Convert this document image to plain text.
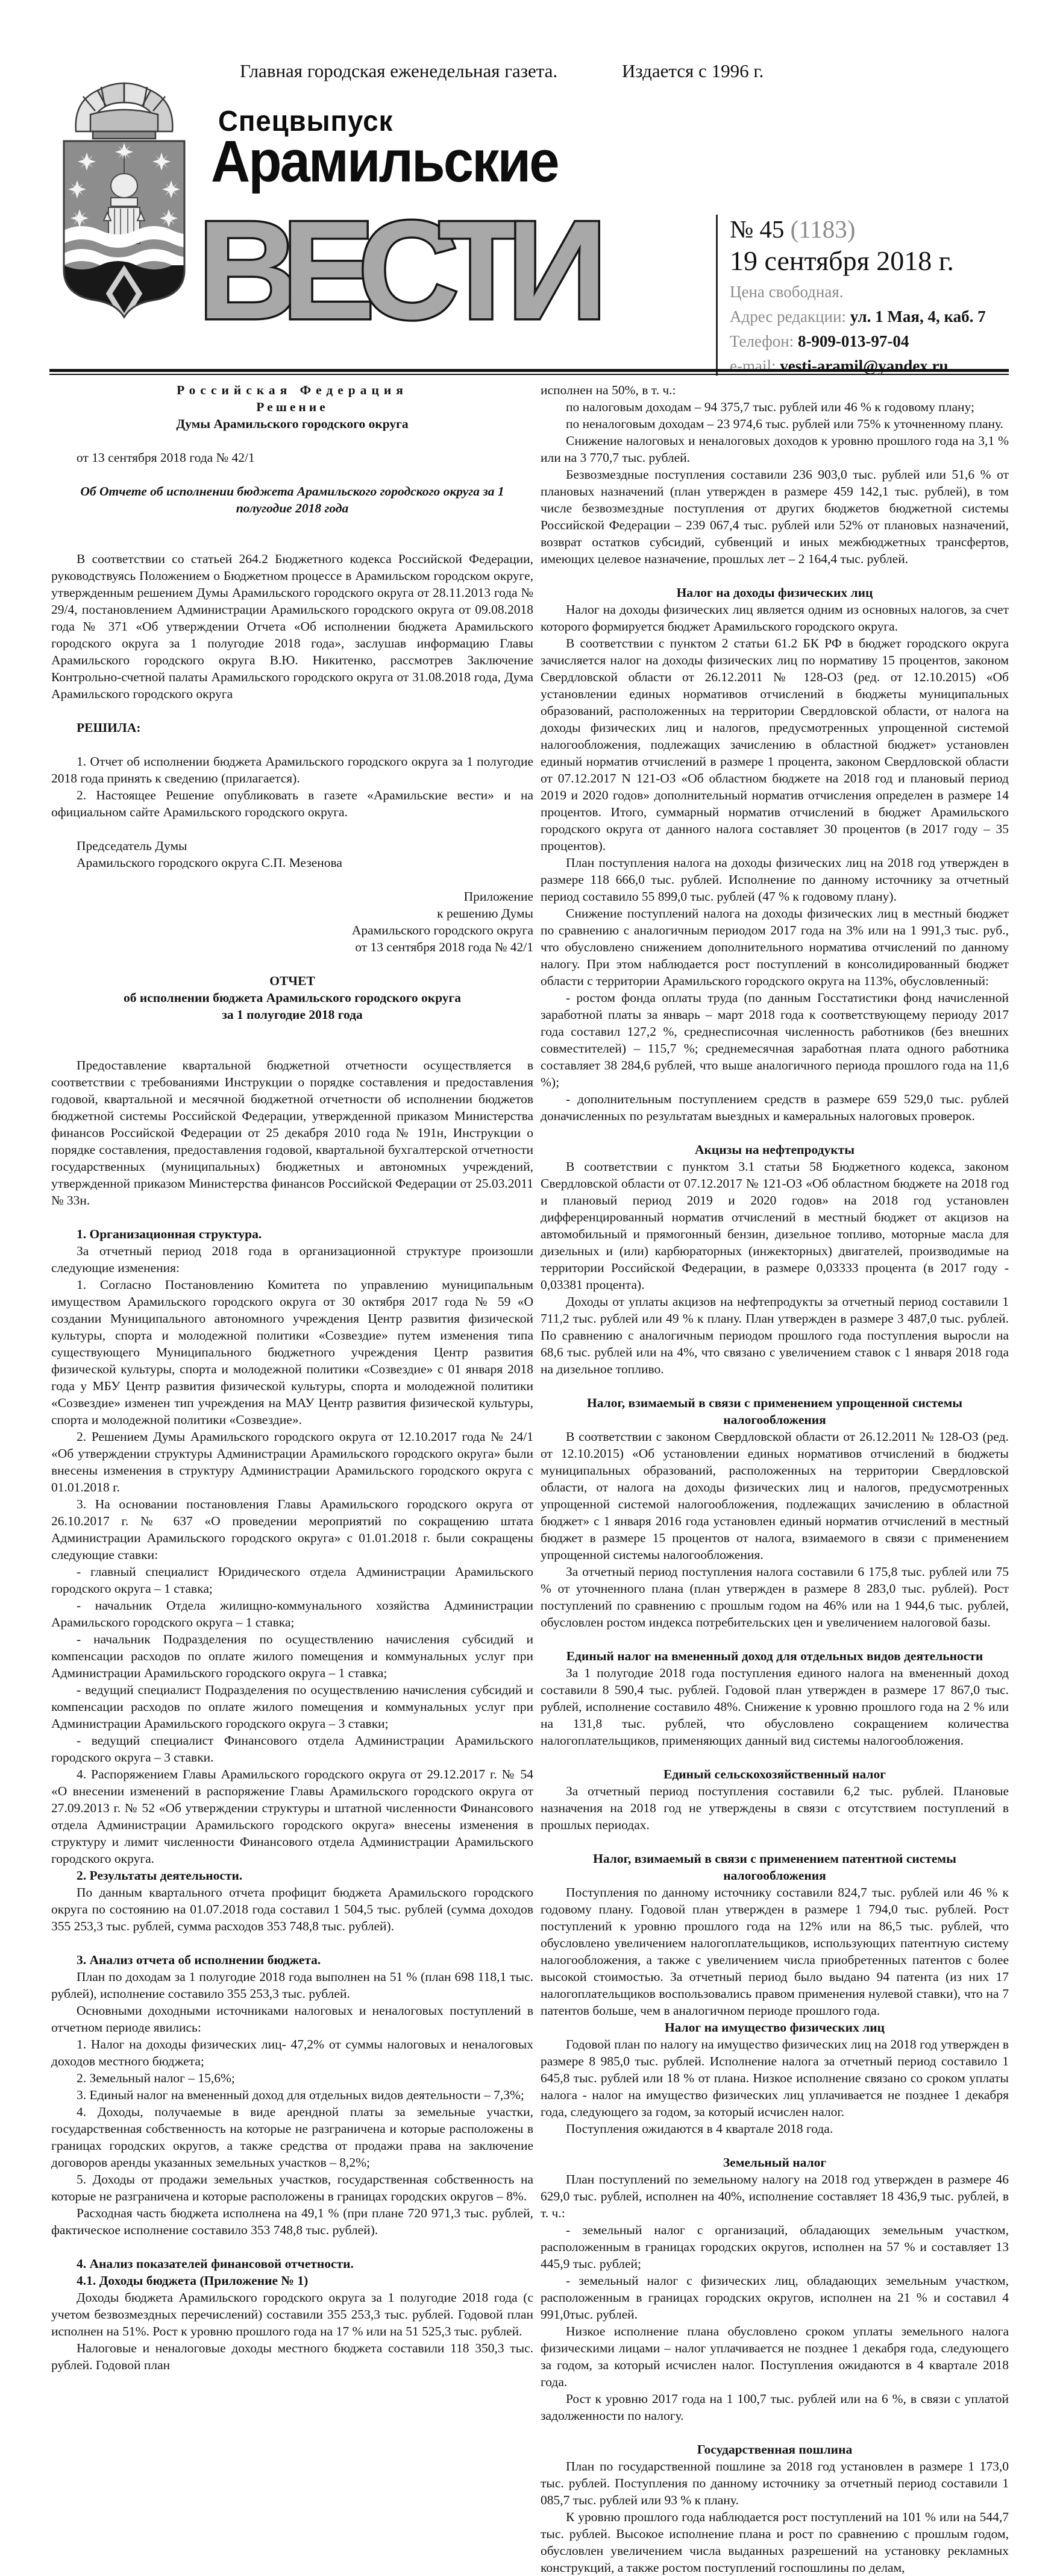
Главная городская еженедельная газета.	Издается с 1996 г.
Спецвыпуск
Арамильские
ВЕСТИ	№ 45 (1183)
19 сентября 2018 г.
Цена свободная.
Адрес редакции: ул. 1 Мая, 4, каб. 7
Телефон: 8-909-013-97-04
e-mail: vesti-aramil@yandex.ru

Российская Федерация

Решение

Думы Арамильского городского округа

от 13 сентября 2018 года № 42/1

Об Отчете об исполнении бюджета Арамильского городского округа за 1 полугодие 2018 года

В соответствии со статьей 264.2 Бюджетного кодекса Российской Федерации, руководствуясь Положением о Бюджетном процессе в Арамильском городском округе, утвержденным решением Думы Арамильского городского округа от 28.11.2013 года № 29/4, постановлением Администрации Арамильского городского округа от 09.08.2018 года № 371 «Об утверждении Отчета «Об исполнении бюджета Арамильского городского округа за 1 полугодие 2018 года», заслушав информацию Главы Арамильского городского округа В.Ю. Никитенко, рассмотрев Заключение Контрольно-счетной палаты Арамильского городского округа от 31.08.2018 года, Дума Арамильского городского округа

РЕШИЛА:

1. Отчет об исполнении бюджета Арамильского городского округа за 1 полугодие 2018 года принять к сведению (прилагается).

2. Настоящее Решение опубликовать в газете «Арамильские вести» и на официальном сайте Арамильского городского округа.

Председатель Думы

Арамильского городского округа С.П. Мезенова

Приложение

к решению Думы

Арамильского городского округа

от 13 сентября 2018 года № 42/1

ОТЧЕТ

об исполнении бюджета Арамильского городского округа

за 1 полугодие 2018 года

Предоставление квартальной бюджетной отчетности осуществляется в соответствии с требованиями Инструкции о порядке составления и предоставления годовой, квартальной и месячной бюджетной отчетности об исполнении бюджетов бюджетной системы Российской Федерации, утвержденной приказом Министерства финансов Российской Федерации от 25 декабря 2010 года № 191н, Инструкции о порядке составления, предоставления годовой, квартальной бухгалтерской отчетности государственных (муниципальных) бюджетных и автономных учреждений, утвержденной приказом Министерства финансов Российской Федерации от 25.03.2011 № 33н.

1. Организационная структура.

За отчетный период 2018 года в организационной структуре произошли следующие изменения:

1. Согласно Постановлению Комитета по управлению муниципальным имуществом Арамильского городского округа от 30 октября 2017 года № 59 «О создании Муниципального автономного учреждения Центр развития физической культуры, спорта и молодежной политики «Созвездие» путем изменения типа существующего Муниципального бюджетного учреждения Центр развития физической культуры, спорта и молодежной политики «Созвездие» с 01 января 2018 года у МБУ Центр развития физической культуры, спорта и молодежной политики «Созвездие» изменен тип учреждения на МАУ Центр развития физической культуры, спорта и молодежной политики «Созвездие».

2. Решением Думы Арамильского городского округа от 12.10.2017 года № 24/1 «Об утверждении структуры Администрации Арамильского городского округа» были внесены изменения в структуру Администрации Арамильского городского округа с 01.01.2018 г.

3. На основании постановления Главы Арамильского городского округа от 26.10.2017 г. № 637 «О проведении мероприятий по сокращению штата Администрации Арамильского городского округа» с 01.01.2018 г. были сокращены следующие ставки:

- главный специалист Юридического отдела Администрации Арамильского городского округа – 1 ставка;

- начальник Отдела жилищно-коммунального хозяйства Администрации Арамильского городского округа – 1 ставка;

- начальник Подразделения по осуществлению начисления субсидий и компенсации расходов по оплате жилого помещения и коммунальных услуг при Администрации Арамильского городского округа – 1 ставка;

- ведущий специалист Подразделения по осуществлению начисления субсидий и компенсации расходов по оплате жилого помещения и коммунальных услуг при Администрации Арамильского городского округа – 3 ставки;

- ведущий специалист Финансового отдела Администрации Арамильского городского округа – 3 ставки.

4. Распоряжением Главы Арамильского городского округа от 29.12.2017 г. № 54 «О внесении изменений в распоряжение Главы Арамильского городского округа от 27.09.2013 г. № 52 «Об утверждении структуры и штатной численности Финансового отдела Администрации Арамильского городского округа» внесены изменения в структуру и лимит численности Финансового отдела Администрации Арамильского городского округа.

2. Результаты деятельности.

По данным квартального отчета профицит бюджета Арамильского городского округа по состоянию на 01.07.2018 года составил 1 504,5 тыс. рублей (сумма доходов 355 253,3 тыс. рублей, сумма расходов 353 748,8 тыс. рублей).

3. Анализ отчета об исполнении бюджета.

План по доходам за 1 полугодие 2018 года выполнен на 51 % (план 698 118,1 тыс. рублей), исполнение составило 355 253,3 тыс. рублей.

Основными доходными источниками налоговых и неналоговых поступлений в отчетном периоде явились:

1. Налог на доходы физических лиц- 47,2% от суммы налоговых и неналоговых доходов местного бюджета;

2. Земельный налог – 15,6%;

3. Единый налог на вмененный доход для отдельных видов деятельности – 7,3%;

4. Доходы, получаемые в виде арендной платы за земельные участки, государственная собственность на которые не разграничена и которые расположены в границах городских округов, а также средства от продажи права на заключение договоров аренды указанных земельных участков – 8,2%;

5. Доходы от продажи земельных участков, государственная собственность на которые не разграничена и которые расположены в границах городских округов – 8%.

Расходная часть бюджета исполнена на 49,1 % (при плане 720 971,3 тыс. рублей, фактическое исполнение составило 353 748,8 тыс. рублей).

4. Анализ показателей финансовой отчетности.

4.1. Доходы бюджета (Приложение № 1)

Доходы бюджета Арамильского городского округа за 1 полугодие 2018 года (с учетом безвозмездных перечислений) составили 355 253,3 тыс. рублей. Годовой план исполнен на 51%. Рост к уровню прошлого года на 17 % или на 51 525,3 тыс. рублей.

Налоговые и неналоговые доходы местного бюджета составили 118 350,3 тыс. рублей. Годовой план

исполнен на 50%, в т. ч.:

по налоговым доходам – 94 375,7 тыс. рублей или 46 % к годовому плану;

по неналоговым доходам – 23 974,6 тыс. рублей или 75% к уточненному плану.

Снижение налоговых и неналоговых доходов к уровню прошлого года на 3,1 % или на 3 770,7 тыс. рублей.

Безвозмездные поступления составили 236 903,0 тыс. рублей или 51,6 % от плановых назначений (план утвержден в размере 459 142,1 тыс. рублей), в том числе безвозмездные поступления от других бюджетов бюджетной системы Российской Федерации – 239 067,4 тыс. рублей или 52% от плановых назначений, возврат остатков субсидий, субвенций и иных межбюджетных трансфертов, имеющих целевое назначение, прошлых лет – 2 164,4 тыс. рублей.

Налог на доходы физических лиц

Налог на доходы физических лиц является одним из основных налогов, за счет которого формируется бюджет Арамильского городского округа.

В соответствии с пунктом 2 статьи 61.2 БК РФ в бюджет городского округа зачисляется налог на доходы физических лиц по нормативу 15 процентов, законом Свердловской области от 26.12.2011 № 128-ОЗ (ред. от 12.10.2015) «Об установлении единых нормативов отчислений в бюджеты муниципальных образований, расположенных на территории Свердловской области, от налога на доходы физических лиц и налогов, предусмотренных упрощенной системой налогообложения, подлежащих зачислению в областной бюджет» установлен единый норматив отчислений в размере 1 процента, законом Свердловской области от 07.12.2017 N 121-ОЗ «Об областном бюджете на 2018 год и плановый период 2019 и 2020 годов» дополнительный норматив отчисления определен в размере 14 процентов. Итого, суммарный норматив отчислений в бюджет Арамильского городского округа от данного налога составляет 30 процентов (в 2017 году – 35 процентов).

План поступления налога на доходы физических лиц на 2018 год утвержден в размере 118 666,0 тыс. рублей. Исполнение по данному источнику за отчетный период составило 55 899,0 тыс. рублей (47 % к годовому плану).

Снижение поступлений налога на доходы физических лиц в местный бюджет по сравнению с аналогичным периодом 2017 года на 3% или на 1 991,3 тыс. руб., что обусловлено снижением дополнительного норматива отчислений по данному налогу. При этом наблюдается рост поступлений в консолидированный бюджет области с территории Арамильского городского округа на 113%, обусловленный:

- ростом фонда оплаты труда (по данным Госстатистики фонд начисленной заработной платы за январь – март 2018 года к соответствующему периоду 2017 года составил 127,2 %, среднесписочная численность работников (без внешних совместителей) – 115,7 %; среднемесячная заработная плата одного работника составляет 38 284,6 рублей, что выше аналогичного периода прошлого года на 11,6 %);

- дополнительным поступлением средств в размере 659 529,0 тыс. рублей доначисленных по результатам выездных и камеральных налоговых проверок.

Акцизы на нефтепродукты

В соответствии с пунктом 3.1 статьи 58 Бюджетного кодекса, законом Свердловской области от 07.12.2017 № 121-ОЗ «Об областном бюджете на 2018 год и плановый период 2019 и 2020 годов» на 2018 год установлен дифференцированный норматив отчислений в местный бюджет от акцизов на автомобильный и прямогонный бензин, дизельное топливо, моторные масла для дизельных и (или) карбюраторных (инжекторных) двигателей, производимые на территории Российской Федерации, в размере 0,03333 процента (в 2017 году - 0,03381 процента).

Доходы от уплаты акцизов на нефтепродукты за отчетный период составили 1 711,2 тыс. рублей или 49 % к плану. План утвержден в размере 3 487,0 тыс. рублей. По сравнению с аналогичным периодом прошлого года поступления выросли на 68,6 тыс. рублей или на 4%, что связано с увеличением ставок с 1 января 2018 года на дизельное топливо.

Налог, взимаемый в связи с применением упрощенной системы налогообложения

В соответствии с законом Свердловской области от 26.12.2011 № 128-ОЗ (ред. от 12.10.2015) «Об установлении единых нормативов отчислений в бюджеты муниципальных образований, расположенных на территории Свердловской области, от налога на доходы физических лиц и налогов, предусмотренных упрощенной системой налогообложения, подлежащих зачислению в областной бюджет» с 1 января 2016 года установлен единый норматив отчислений в местный бюджет в размере 15 процентов от налога, взимаемого в связи с применением упрощенной системы налогообложения.

За отчетный период поступления налога составили 6 175,8 тыс. рублей или 75 % от уточненного плана (план утвержден в размере 8 283,0 тыс. рублей). Рост поступлений по сравнению с прошлым годом на 46% или на 1 944,6 тыс. рублей, обусловлен ростом индекса потребительских цен и увеличением налоговой базы.

Единый налог на вмененный доход для отдельных видов деятельности

За 1 полугодие 2018 года поступления единого налога на вмененный доход составили 8 590,4 тыс. рублей. Годовой план утвержден в размере 17 867,0 тыс. рублей, исполнение составило 48%. Снижение к уровню прошлого года на 2 % или на 131,8 тыс. рублей, что обусловлено сокращением количества налогоплательщиков, применяющих данный вид системы налогообложения.

Единый сельскохозяйственный налог

За отчетный период поступления составили 6,2 тыс. рублей. Плановые назначения на 2018 год не утверждены в связи с отсутствием поступлений в прошлых периодах.

Налог, взимаемый в связи с применением патентной системы налогообложения

Поступления по данному источнику составили 824,7 тыс. рублей или 46 % к годовому плану. Годовой план утвержден в размере 1 794,0 тыс. рублей. Рост поступлений к уровню прошлого года на 12% или на 86,5 тыс. рублей, что обусловлено увеличением налогоплательщиков, использующих патентную систему налогообложения, а также с увеличением числа приобретенных патентов с более высокой стоимостью. За отчетный период было выдано 94 патента (из них 17 налогоплательщиков воспользовались правом применения нулевой ставки), что на 7 патентов больше, чем в аналогичном периоде прошлого года.

Налог на имущество физических лиц

Годовой план по налогу на имущество физических лиц на 2018 год утвержден в размере 8 985,0 тыс. рублей. Исполнение налога за отчетный период составило 1 645,8 тыс. рублей или 18 % от плана. Низкое исполнение связано со сроком уплаты налога - налог на имущество физических лиц уплачивается не позднее 1 декабря года, следующего за годом, за который исчислен налог.

Поступления ожидаются в 4 квартале 2018 года.

Земельный налог

План поступлений по земельному налогу на 2018 год утвержден в размере 46 629,0 тыс. рублей, исполнен на 40%, исполнение составляет 18 436,9 тыс. рублей, в т. ч.:

- земельный налог с организаций, обладающих земельным участком, расположенным в границах городских округов, исполнен на 57 % и составляет 13 445,9 тыс. рублей;

- земельный налог с физических лиц, обладающих земельным участком, расположенным в границах городских округов, исполнен на 21 % и составил 4 991,0тыс. рублей.

Низкое исполнение плана обусловлено сроком уплаты земельного налога физическими лицами – налог уплачивается не позднее 1 декабря года, следующего за годом, за который исчислен налог. Поступления ожидаются в 4 квартале 2018 года.

Рост к уровню 2017 года на 1 100,7 тыс. рублей или на 6 %, в связи с уплатой задолженности по налогу.

Государственная пошлина

План по государственной пошлине за 2018 год установлен в размере 1 173,0 тыс. рублей. Поступления по данному источнику за отчетный период составили 1 085,7 тыс. рублей или 93 % к плану.

К уровню прошлого года наблюдается рост поступлений на 101 % или на 544,7 тыс. рублей. Высокое исполнение плана и рост по сравнению с прошлым годом, обусловлен увеличением числа выданных разрешений на установку рекламных конструкций, а также ростом поступлений госпошлины по делам,
